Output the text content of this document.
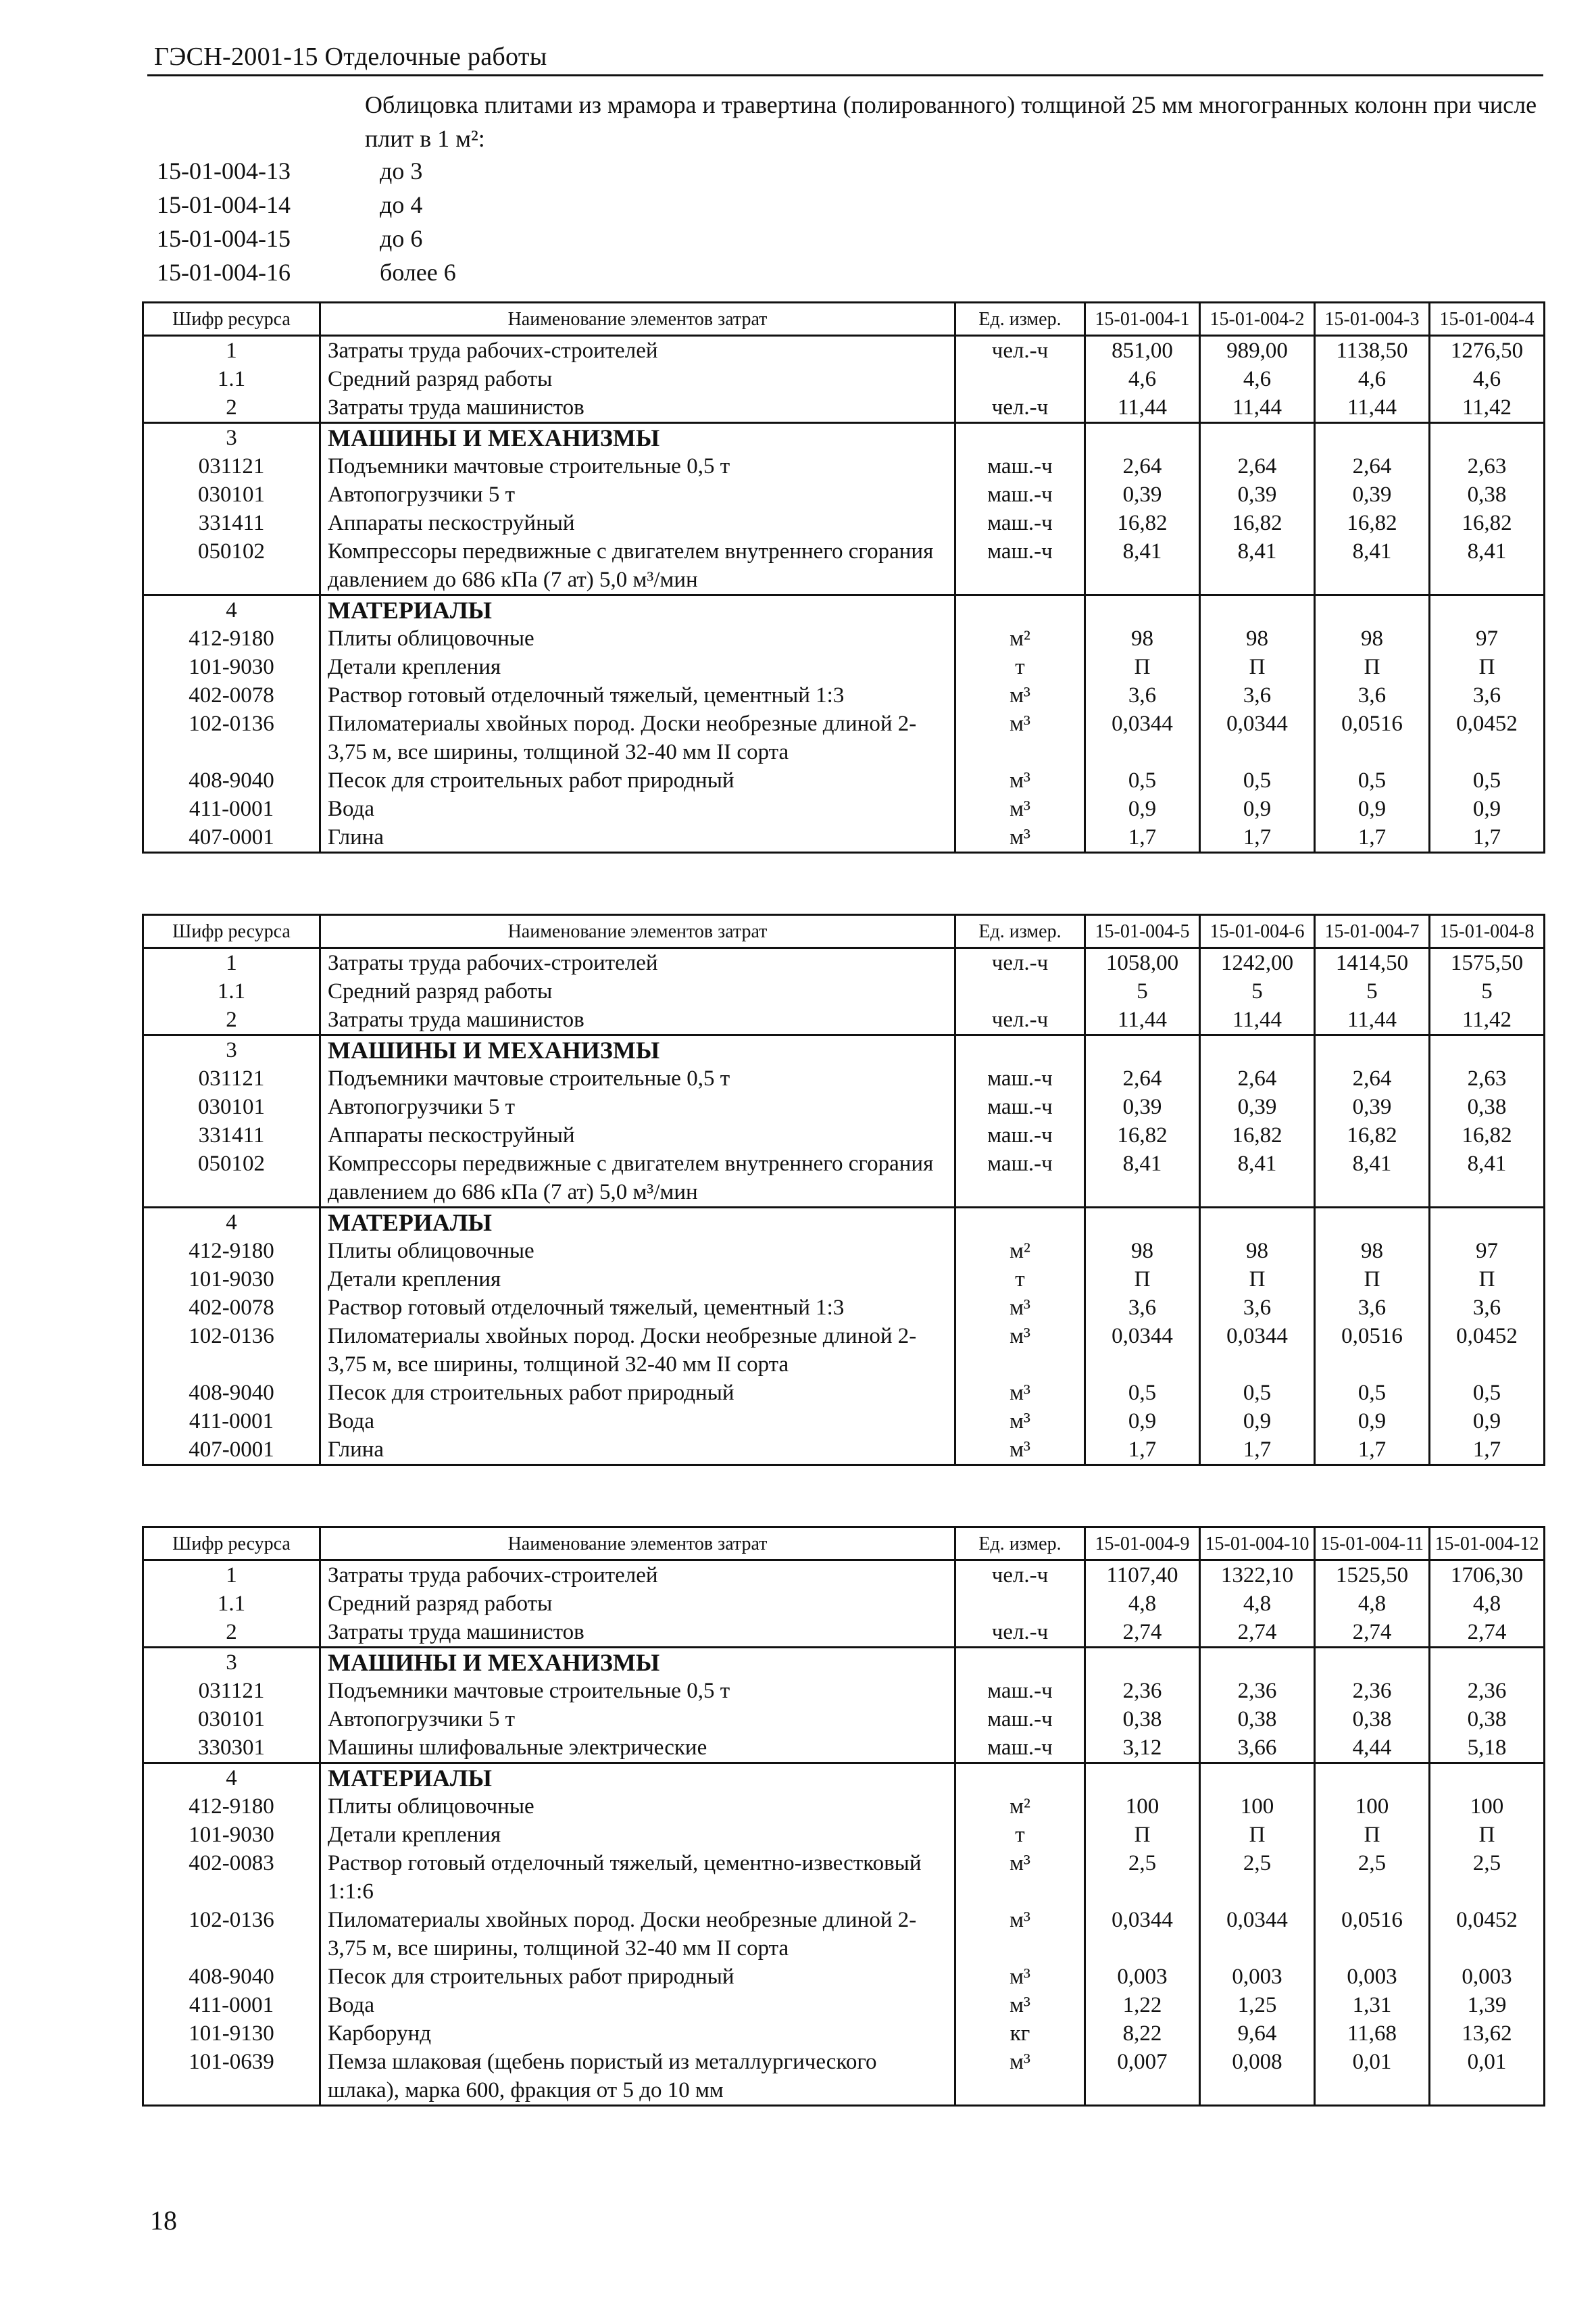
ГЭСН-2001-15 Отделочные работы
Облицовка плитами из мрамора и травертина (полированного) толщиной 25 мм многогранных колонн при числе плит в 1 м²:
15-01-004-13	до 3
15-01-004-14	до 4
15-01-004-15	до 6
15-01-004-16	более 6
Шифр ресурса	Наименование элементов затрат	Ед. измер.	15-01-004-1	15-01-004-2	15-01-004-3	15-01-004-4
1	Затраты труда рабочих-строителей	чел.-ч	851,00	989,00	1138,50	1276,50
1.1	Средний разряд работы		4,6	4,6	4,6	4,6
2	Затраты труда машинистов	чел.-ч	11,44	11,44	11,44	11,42
3	МАШИНЫ И МЕХАНИЗМЫ					
031121	Подъемники мачтовые строительные 0,5 т	маш.-ч	2,64	2,64	2,64	2,63
030101	Автопогрузчики 5 т	маш.-ч	0,39	0,39	0,39	0,38
331411	Аппараты пескоструйный	маш.-ч	16,82	16,82	16,82	16,82
050102	Компрессоры передвижные с двигателем внутреннего сгорания давлением до 686 кПа (7 ат) 5,0 м³/мин	маш.-ч	8,41	8,41	8,41	8,41
4	МАТЕРИАЛЫ					
412-9180	Плиты облицовочные	м²	98	98	98	97
101-9030	Детали крепления	т	П	П	П	П
402-0078	Раствор готовый отделочный тяжелый, цементный 1:3	м³	3,6	3,6	3,6	3,6
102-0136	Пиломатериалы хвойных пород. Доски необрезные длиной 2-3,75 м, все ширины, толщиной 32-40 мм II сорта	м³	0,0344	0,0344	0,0516	0,0452
408-9040	Песок для строительных работ природный	м³	0,5	0,5	0,5	0,5
411-0001	Вода	м³	0,9	0,9	0,9	0,9
407-0001	Глина	м³	1,7	1,7	1,7	1,7
Шифр ресурса	Наименование элементов затрат	Ед. измер.	15-01-004-5	15-01-004-6	15-01-004-7	15-01-004-8
1	Затраты труда рабочих-строителей	чел.-ч	1058,00	1242,00	1414,50	1575,50
1.1	Средний разряд работы		5	5	5	5
2	Затраты труда машинистов	чел.-ч	11,44	11,44	11,44	11,42
3	МАШИНЫ И МЕХАНИЗМЫ					
031121	Подъемники мачтовые строительные 0,5 т	маш.-ч	2,64	2,64	2,64	2,63
030101	Автопогрузчики 5 т	маш.-ч	0,39	0,39	0,39	0,38
331411	Аппараты пескоструйный	маш.-ч	16,82	16,82	16,82	16,82
050102	Компрессоры передвижные с двигателем внутреннего сгорания давлением до 686 кПа (7 ат) 5,0 м³/мин	маш.-ч	8,41	8,41	8,41	8,41
4	МАТЕРИАЛЫ					
412-9180	Плиты облицовочные	м²	98	98	98	97
101-9030	Детали крепления	т	П	П	П	П
402-0078	Раствор готовый отделочный тяжелый, цементный 1:3	м³	3,6	3,6	3,6	3,6
102-0136	Пиломатериалы хвойных пород. Доски необрезные длиной 2-3,75 м, все ширины, толщиной 32-40 мм II сорта	м³	0,0344	0,0344	0,0516	0,0452
408-9040	Песок для строительных работ природный	м³	0,5	0,5	0,5	0,5
411-0001	Вода	м³	0,9	0,9	0,9	0,9
407-0001	Глина	м³	1,7	1,7	1,7	1,7
Шифр ресурса	Наименование элементов затрат	Ед. измер.	15-01-004-9	15-01-004-10	15-01-004-11	15-01-004-12
1	Затраты труда рабочих-строителей	чел.-ч	1107,40	1322,10	1525,50	1706,30
1.1	Средний разряд работы		4,8	4,8	4,8	4,8
2	Затраты труда машинистов	чел.-ч	2,74	2,74	2,74	2,74
3	МАШИНЫ И МЕХАНИЗМЫ					
031121	Подъемники мачтовые строительные 0,5 т	маш.-ч	2,36	2,36	2,36	2,36
030101	Автопогрузчики 5 т	маш.-ч	0,38	0,38	0,38	0,38
330301	Машины шлифовальные электрические	маш.-ч	3,12	3,66	4,44	5,18
4	МАТЕРИАЛЫ					
412-9180	Плиты облицовочные	м²	100	100	100	100
101-9030	Детали крепления	т	П	П	П	П
402-0083	Раствор готовый отделочный тяжелый, цементно-известковый 1:1:6	м³	2,5	2,5	2,5	2,5
102-0136	Пиломатериалы хвойных пород. Доски необрезные длиной 2-3,75 м, все ширины, толщиной 32-40 мм II сорта	м³	0,0344	0,0344	0,0516	0,0452
408-9040	Песок для строительных работ природный	м³	0,003	0,003	0,003	0,003
411-0001	Вода	м³	1,22	1,25	1,31	1,39
101-9130	Карборунд	кг	8,22	9,64	11,68	13,62
101-0639	Пемза шлаковая (щебень пористый из металлургического шлака), марка 600, фракция от 5 до 10 мм	м³	0,007	0,008	0,01	0,01
18
